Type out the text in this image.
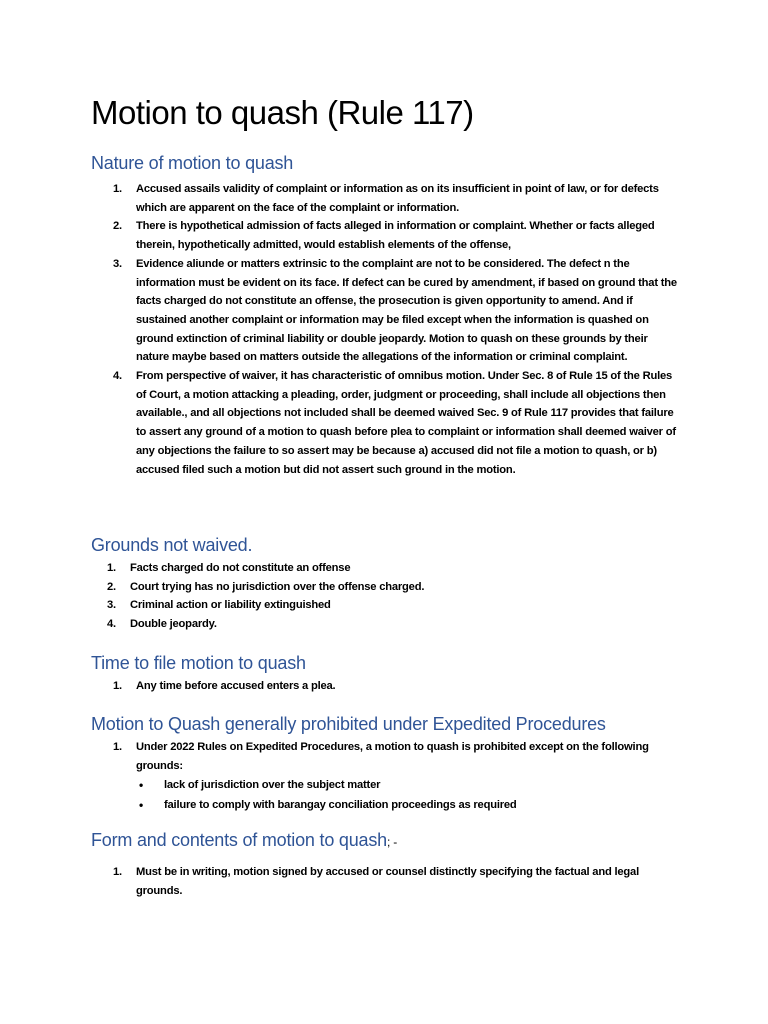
Motion to quash (Rule 117)
Nature of motion to quash
1. Accused assails validity of complaint or information as on its insufficient in point of law, or for defects which are apparent on the face of the complaint or information.
2. There is hypothetical admission of facts alleged in information or complaint. Whether or facts alleged therein, hypothetically admitted, would establish elements of the offense,
3. Evidence aliunde or matters extrinsic to the complaint are not to be considered. The defect n the information must be evident on its face. If defect can be cured by amendment, if based on ground that the facts charged do not constitute an offense, the prosecution is given opportunity to amend. And if sustained another complaint or information may be filed except when the information is quashed on ground extinction of criminal liability or double jeopardy. Motion to quash on these grounds by their nature maybe based on matters outside the allegations of the information or criminal complaint.
4. From perspective of waiver, it has characteristic of omnibus motion. Under Sec. 8 of Rule 15 of the Rules of Court, a motion attacking a pleading, order, judgment or proceeding, shall include all objections then available., and all objections not included shall be deemed waived Sec. 9 of Rule 117 provides that failure to assert any ground of a motion to quash before plea to complaint or information shall deemed waiver of any objections the failure to so assert may be because a) accused did not file a motion to quash, or b) accused filed such a motion but did not assert such ground in the motion.
Grounds not waived.
1. Facts charged do not constitute an offense
2. Court trying has no jurisdiction over the offense charged.
3. Criminal action or liability extinguished
4. Double jeopardy.
Time to file motion to quash
1. Any time before accused enters a plea.
Motion to Quash generally prohibited under Expedited Procedures
1. Under 2022 Rules on Expedited Procedures, a motion to quash is prohibited except on the following grounds:
• lack of jurisdiction over the subject matter
• failure to comply with barangay conciliation proceedings as required
Form and contents of motion to quash; -
1. Must be in writing, motion signed by accused or counsel distinctly specifying the factual and legal grounds.
